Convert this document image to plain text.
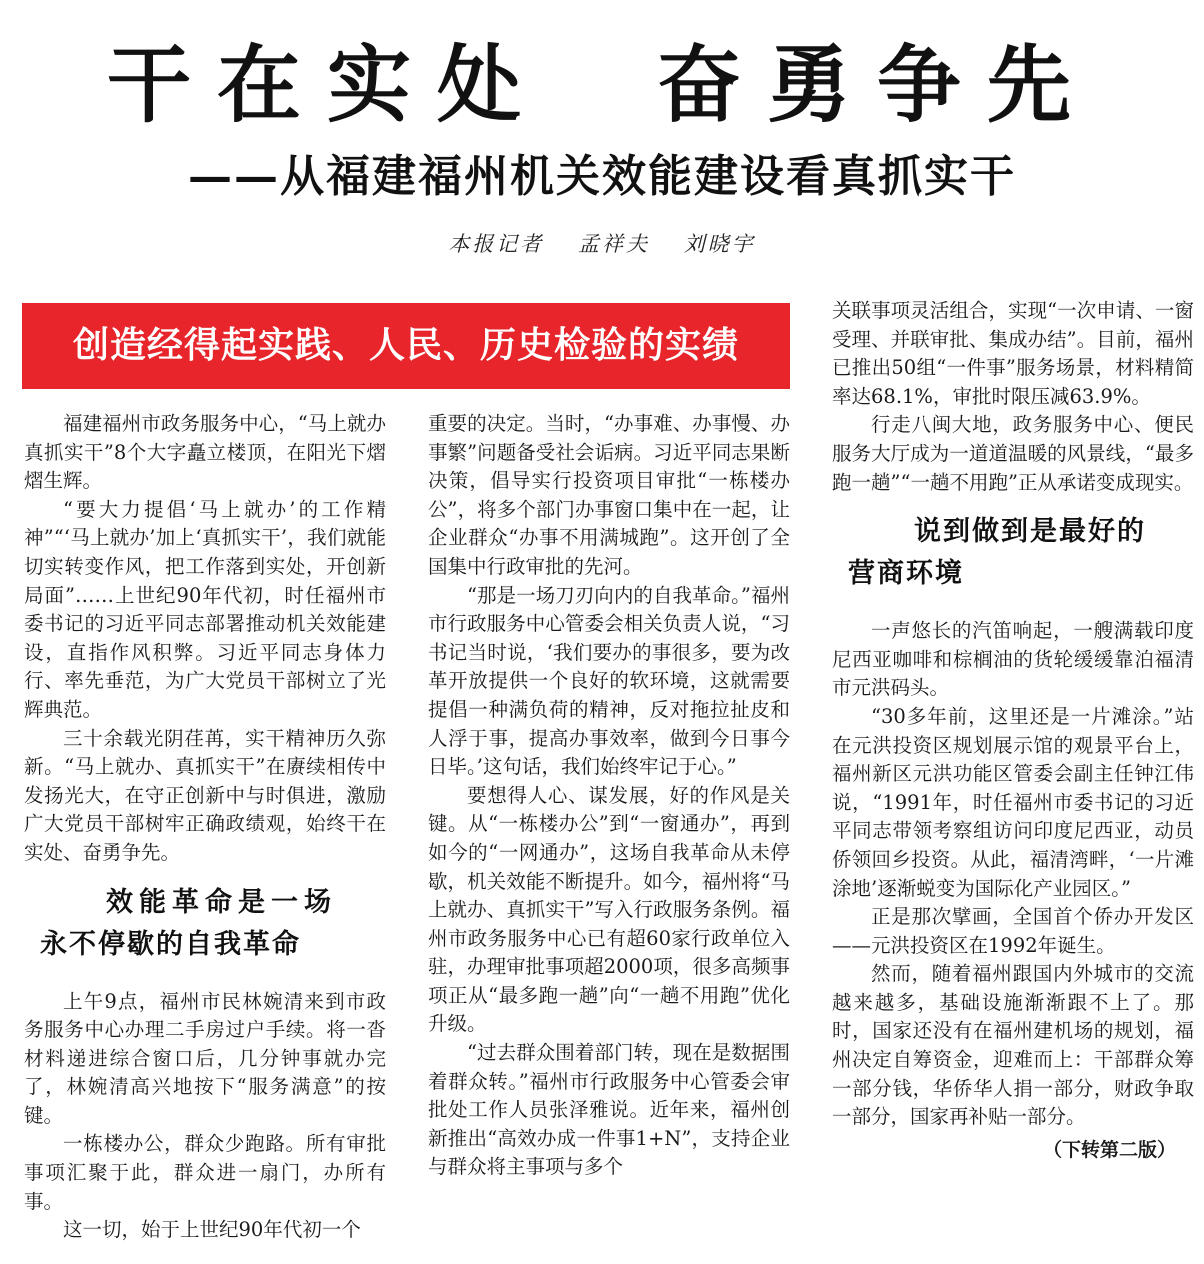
干在实处　奋勇争先
——从福建福州机关效能建设看真抓实干
本报记者 孟祥夫 刘晓宇
创造经得起实践、人民、历史检验的实绩

福建福州市政务服务中心，“马上就办　真抓实干”8个大字矗立楼顶，在阳光下熠熠生辉。

“要大力提倡‘马上就办’的工作精神”“‘马上就办’加上‘真抓实干’，我们就能切实转变作风，把工作落到实处，开创新局面”……上世纪90年代初，时任福州市委书记的习近平同志部署推动机关效能建设，直指作风积弊。习近平同志身体力行、率先垂范，为广大党员干部树立了光辉典范。

三十余载光阴荏苒，实干精神历久弥新。“马上就办、真抓实干”在赓续相传中发扬光大，在守正创新中与时俱进，激励广大党员干部树牢正确政绩观，始终干在实处、奋勇争先。

效能革命是一场
永不停歇的自我革命

上午9点，福州市民林婉清来到市政务服务中心办理二手房过户手续。将一沓材料递进综合窗口后，几分钟事就办完了，林婉清高兴地按下“服务满意”的按键。

一栋楼办公，群众少跑路。所有审批事项汇聚于此，群众进一扇门，办所有事。

这一切，始于上世纪90年代初一个

重要的决定。当时，“办事难、办事慢、办事繁”问题备受社会诟病。习近平同志果断决策，倡导实行投资项目审批“一栋楼办公”，将多个部门办事窗口集中在一起，让企业群众“办事不用满城跑”。这开创了全国集中行政审批的先河。

“那是一场刀刃向内的自我革命。”福州市行政服务中心管委会相关负责人说，“习书记当时说，‘我们要办的事很多，要为改革开放提供一个良好的软环境，这就需要提倡一种满负荷的精神，反对拖拉扯皮和人浮于事，提高办事效率，做到今日事今日毕。’这句话，我们始终牢记于心。”

要想得人心、谋发展，好的作风是关键。从“一栋楼办公”到“一窗通办”，再到如今的“一网通办”，这场自我革命从未停歇，机关效能不断提升。如今，福州将“马上就办、真抓实干”写入行政服务条例。福州市政务服务中心已有超60家行政单位入驻，办理审批事项超2000项，很多高频事项正从“最多跑一趟”向“一趟不用跑”优化升级。

“过去群众围着部门转，现在是数据围着群众转。”福州市行政服务中心管委会审批处工作人员张泽雅说。近年来，福州创新推出“高效办成一件事1+N”，支持企业与群众将主事项与多个

关联事项灵活组合，实现“一次申请、一窗受理、并联审批、集成办结”。目前，福州已推出50组“一件事”服务场景，材料精简率达68.1%，审批时限压减63.9%。

行走八闽大地，政务服务中心、便民服务大厅成为一道道温暖的风景线，“最多跑一趟”“一趟不用跑”正从承诺变成现实。

说到做到是最好的
营商环境

一声悠长的汽笛响起，一艘满载印度尼西亚咖啡和棕榈油的货轮缓缓靠泊福清市元洪码头。

“30多年前，这里还是一片滩涂。”站在元洪投资区规划展示馆的观景平台上，福州新区元洪功能区管委会副主任钟江伟说，“1991年，时任福州市委书记的习近平同志带领考察组访问印度尼西亚，动员侨领回乡投资。从此，福清湾畔，‘一片滩涂地’逐渐蜕变为国际化产业园区。”

正是那次擘画，全国首个侨办开发区——元洪投资区在1992年诞生。

然而，随着福州跟国内外城市的交流越来越多，基础设施渐渐跟不上了。那时，国家还没有在福州建机场的规划，福州决定自筹资金，迎难而上：干部群众筹一部分钱，华侨华人捐一部分，财政争取一部分，国家再补贴一部分。

（下转第二版）
